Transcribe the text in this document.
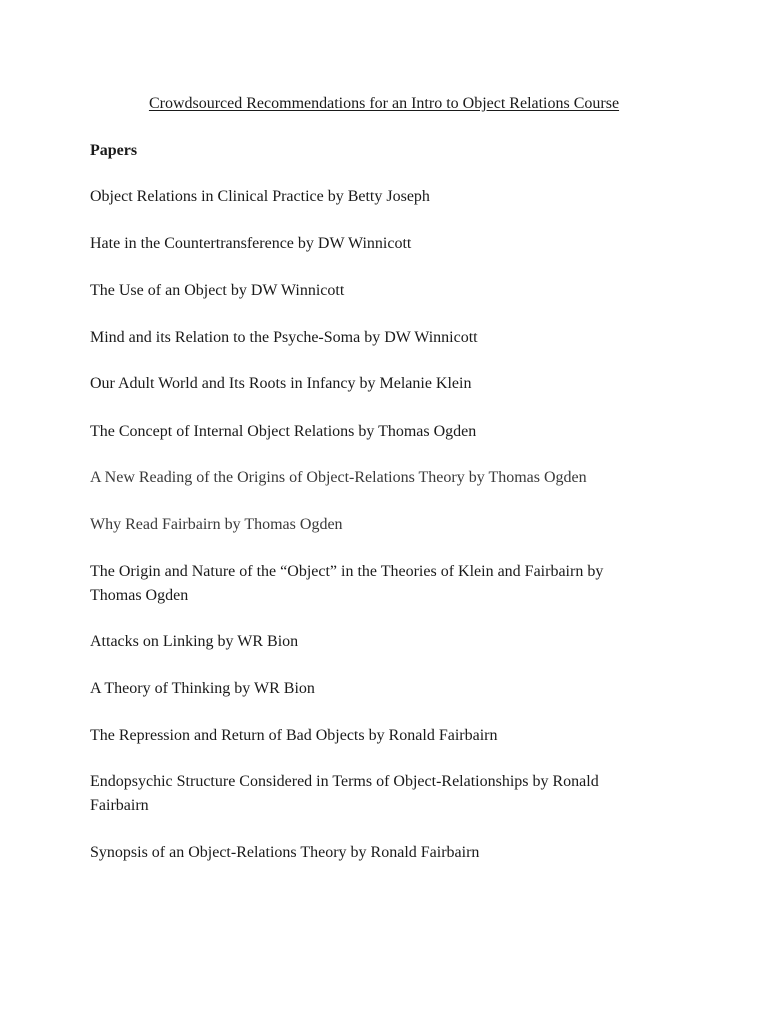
Crowdsourced Recommendations for an Intro to Object Relations Course
Papers
Object Relations in Clinical Practice by Betty Joseph
Hate in the Countertransference by DW Winnicott
The Use of an Object by DW Winnicott
Mind and its Relation to the Psyche-Soma by DW Winnicott
Our Adult World and Its Roots in Infancy by Melanie Klein
The Concept of Internal Object Relations by Thomas Ogden
A New Reading of the Origins of Object-Relations Theory by Thomas Ogden
Why Read Fairbairn by Thomas Ogden
The Origin and Nature of the “Object” in the Theories of Klein and Fairbairn by
Thomas Ogden
Attacks on Linking by WR Bion
A Theory of Thinking by WR Bion
The Repression and Return of Bad Objects by Ronald Fairbairn
Endopsychic Structure Considered in Terms of Object-Relationships by Ronald
Fairbairn
Synopsis of an Object-Relations Theory by Ronald Fairbairn
